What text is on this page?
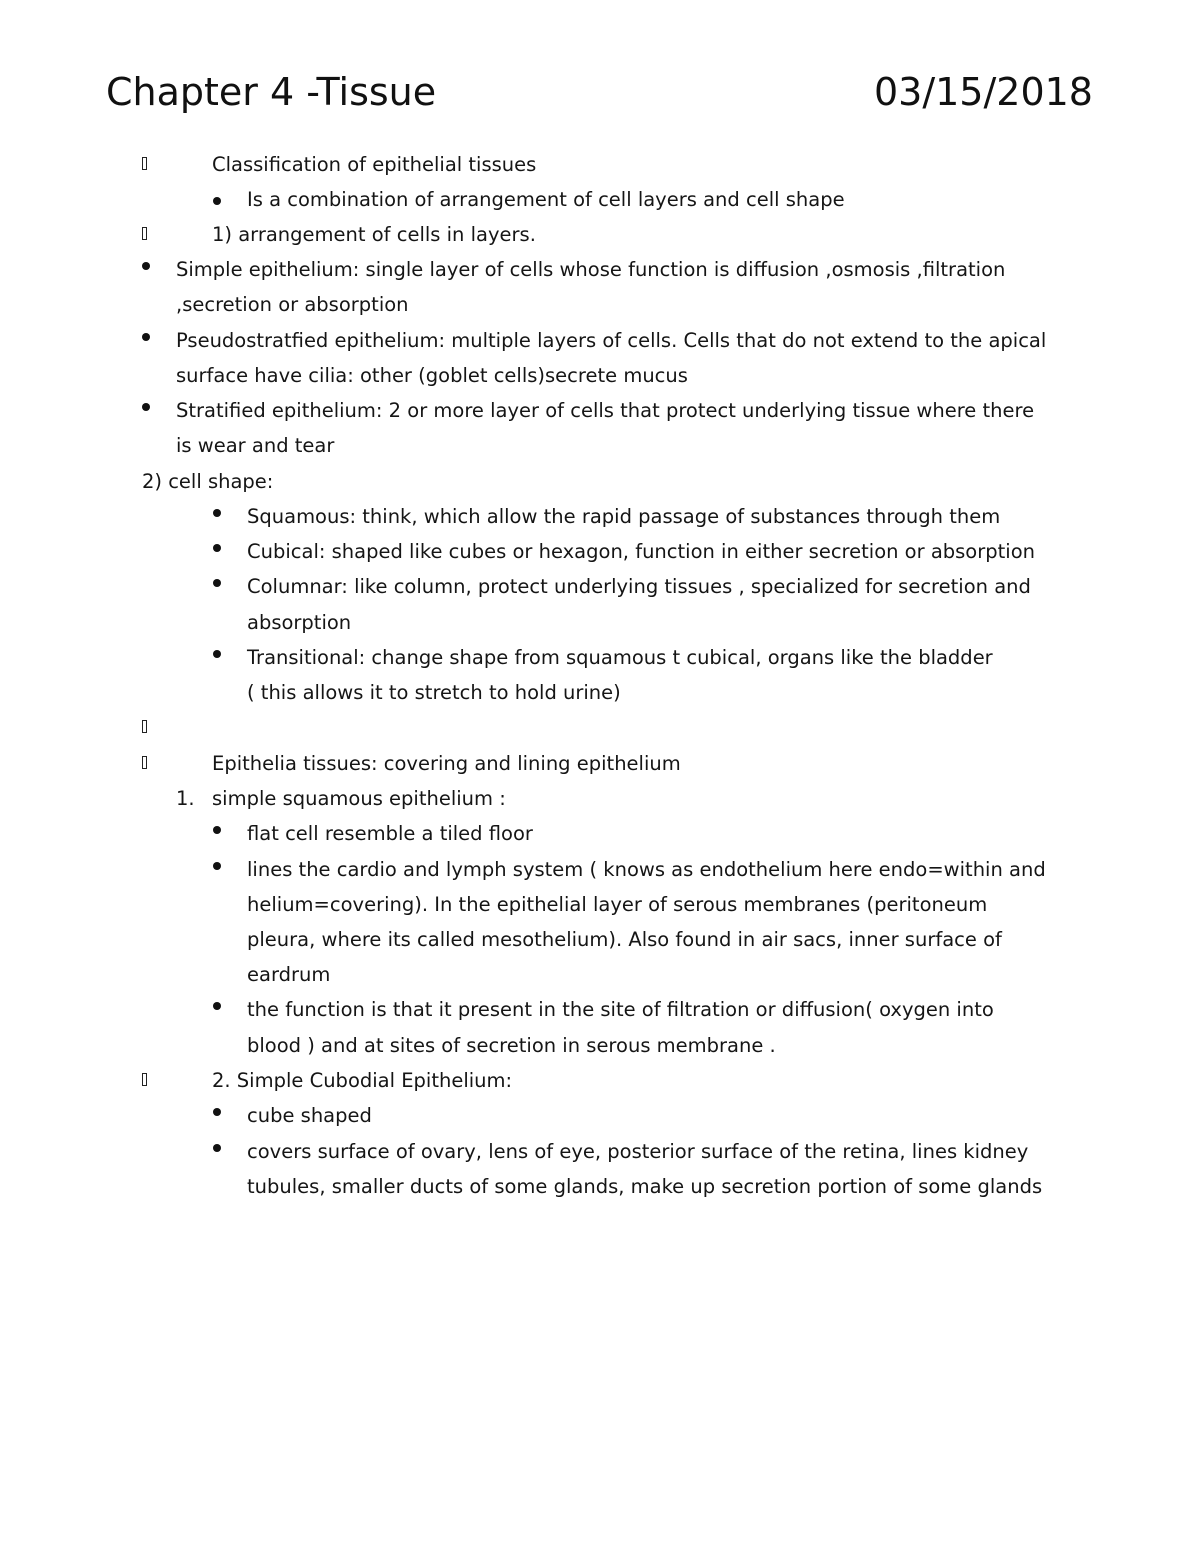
Chapter 4 -Tissue	03/15/2018
Classification of epithelial tissues
Is a combination of arrangement of cell layers and cell shape
1) arrangement of cells in layers.
Simple epithelium: single layer of cells whose function is diffusion ,osmosis ,filtration
,secretion or absorption
Pseudostratfied epithelium: multiple layers of cells. Cells that do not extend to the apical
surface have cilia: other (goblet cells)secrete mucus
Stratified epithelium: 2 or more layer of cells that protect underlying tissue where there
is wear and tear
2) cell shape:
Squamous: think, which allow the rapid passage of substances through them
Cubical: shaped like cubes or hexagon, function in either secretion or absorption
Columnar: like column, protect underlying tissues , specialized for secretion and
absorption
Transitional: change shape from squamous t cubical, organs like the bladder
( this allows it to stretch to hold urine)
Epithelia tissues: covering and lining epithelium
1. simple squamous epithelium :
flat cell resemble a tiled floor
lines the cardio and lymph system ( knows as endothelium here endo=within and
helium=covering). In the epithelial layer of serous membranes (peritoneum
pleura, where its called mesothelium). Also found in air sacs, inner surface of
eardrum
the function is that it present in the site of filtration or diffusion( oxygen into
blood ) and at sites of secretion in serous membrane .
2. Simple Cubodial Epithelium:
cube shaped
covers surface of ovary, lens of eye, posterior surface of the retina, lines kidney
tubules, smaller ducts of some glands, make up secretion portion of some glands
